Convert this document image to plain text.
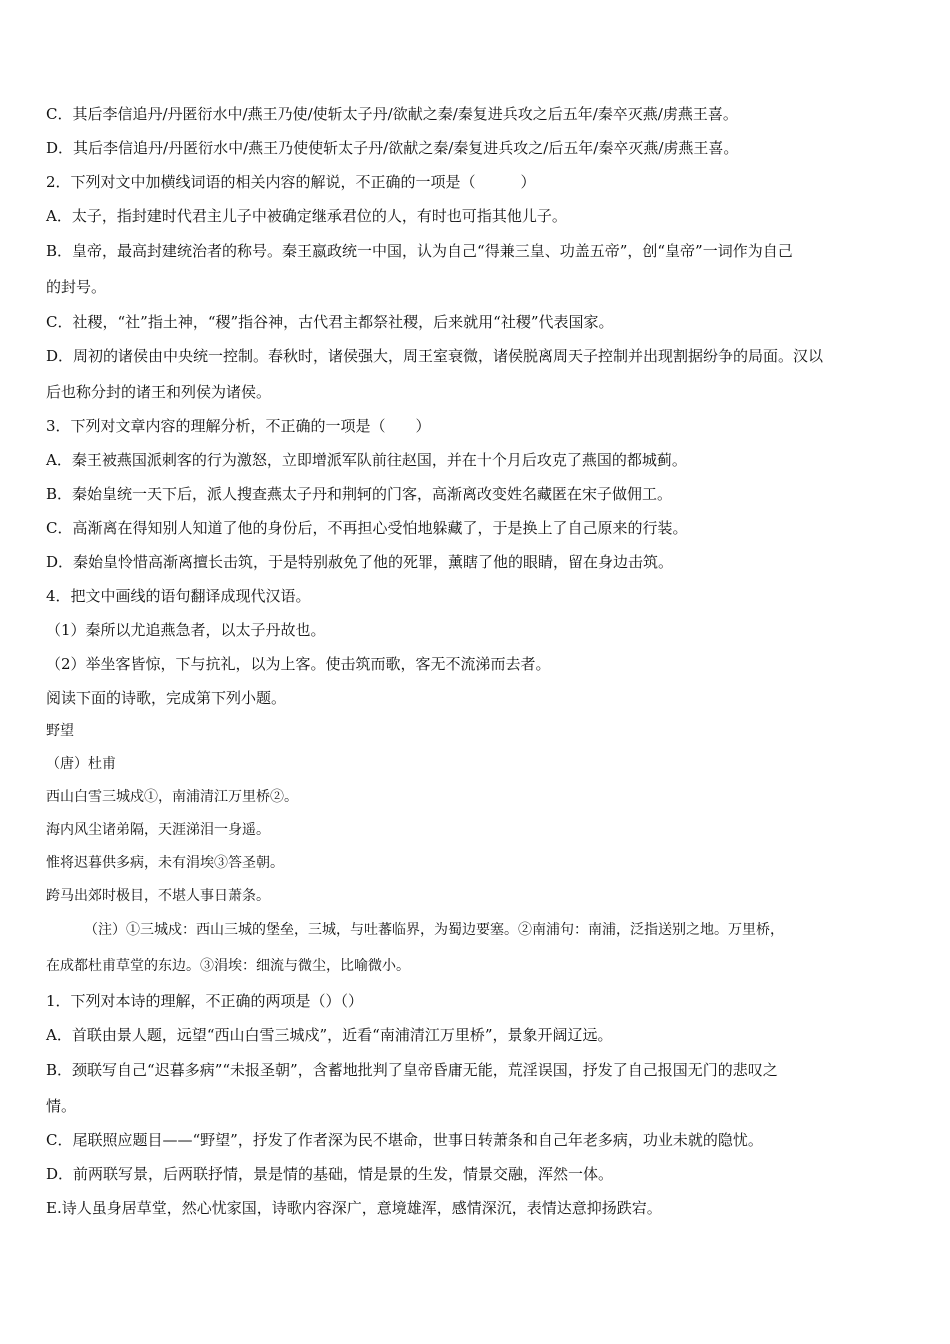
C．其后李信追丹/丹匿衍水中/燕王乃使/使斩太子丹/欲献之秦/秦复进兵攻之后五年/秦卒灭燕/虏燕王喜。
D．其后李信追丹/丹匿衍水中/燕王乃使使斩太子丹/欲献之秦/秦复进兵攻之/后五年/秦卒灭燕/虏燕王喜。
2．下列对文中加横线词语的相关内容的解说，不正确的一项是（　　　）
A．太子，指封建时代君主儿子中被确定继承君位的人，有时也可指其他儿子。
B．皇帝，最高封建统治者的称号。秦王嬴政统一中国，认为自己“得兼三皇、功盖五帝”，创“皇帝”一词作为自己
的封号。
C．社稷，“社”指土神，“稷”指谷神，古代君主都祭社稷，后来就用“社稷”代表国家。
D．周初的诸侯由中央统一控制。春秋时，诸侯强大，周王室衰微，诸侯脱离周天子控制并出现割据纷争的局面。汉以
后也称分封的诸王和列侯为诸侯。
3．下列对文章内容的理解分析，不正确的一项是（　　）
A．秦王被燕国派刺客的行为激怒，立即增派军队前往赵国，并在十个月后攻克了燕国的都城蓟。
B．秦始皇统一天下后，派人搜查燕太子丹和荆轲的门客，高渐离改变姓名藏匿在宋子做佣工。
C．高渐离在得知别人知道了他的身份后，不再担心受怕地躲藏了，于是换上了自己原来的行装。
D．秦始皇怜惜高渐离擅长击筑，于是特别赦免了他的死罪，薰瞎了他的眼睛，留在身边击筑。
4．把文中画线的语句翻译成现代汉语。
（1）秦所以尤追燕急者，以太子丹故也。
（2）举坐客皆惊，下与抗礼，以为上客。使击筑而歌，客无不流涕而去者。
阅读下面的诗歌，完成第下列小题。
野望
（唐）杜甫
西山白雪三城戍①，南浦清江万里桥②。
海内风尘诸弟隔，天涯涕泪一身遥。
惟将迟暮供多病，未有涓埃③答圣朝。
跨马出郊时极目，不堪人事日萧条。
（注）①三城戍：西山三城的堡垒，三城，与吐蕃临界，为蜀边要塞。②南浦句：南浦，泛指送别之地。万里桥，
在成都杜甫草堂的东边。③涓埃：细流与微尘，比喻微小。
1．下列对本诗的理解，不正确的两项是（）（）
A．首联由景人题，远望“西山白雪三城戍”，近看“南浦清江万里桥”，景象开阔辽远。
B．颈联写自己“迟暮多病”“未报圣朝”，含蓄地批判了皇帝昏庸无能，荒淫误国，抒发了自己报国无门的悲叹之
情。
C．尾联照应题目——“野望”，抒发了作者深为民不堪命，世事日转萧条和自己年老多病，功业未就的隐忧。
D．前两联写景，后两联抒情，景是情的基础，情是景的生发，情景交融，浑然一体。
E.诗人虽身居草堂，然心忧家国，诗歌内容深广，意境雄浑，感情深沉，表情达意抑扬跌宕。
